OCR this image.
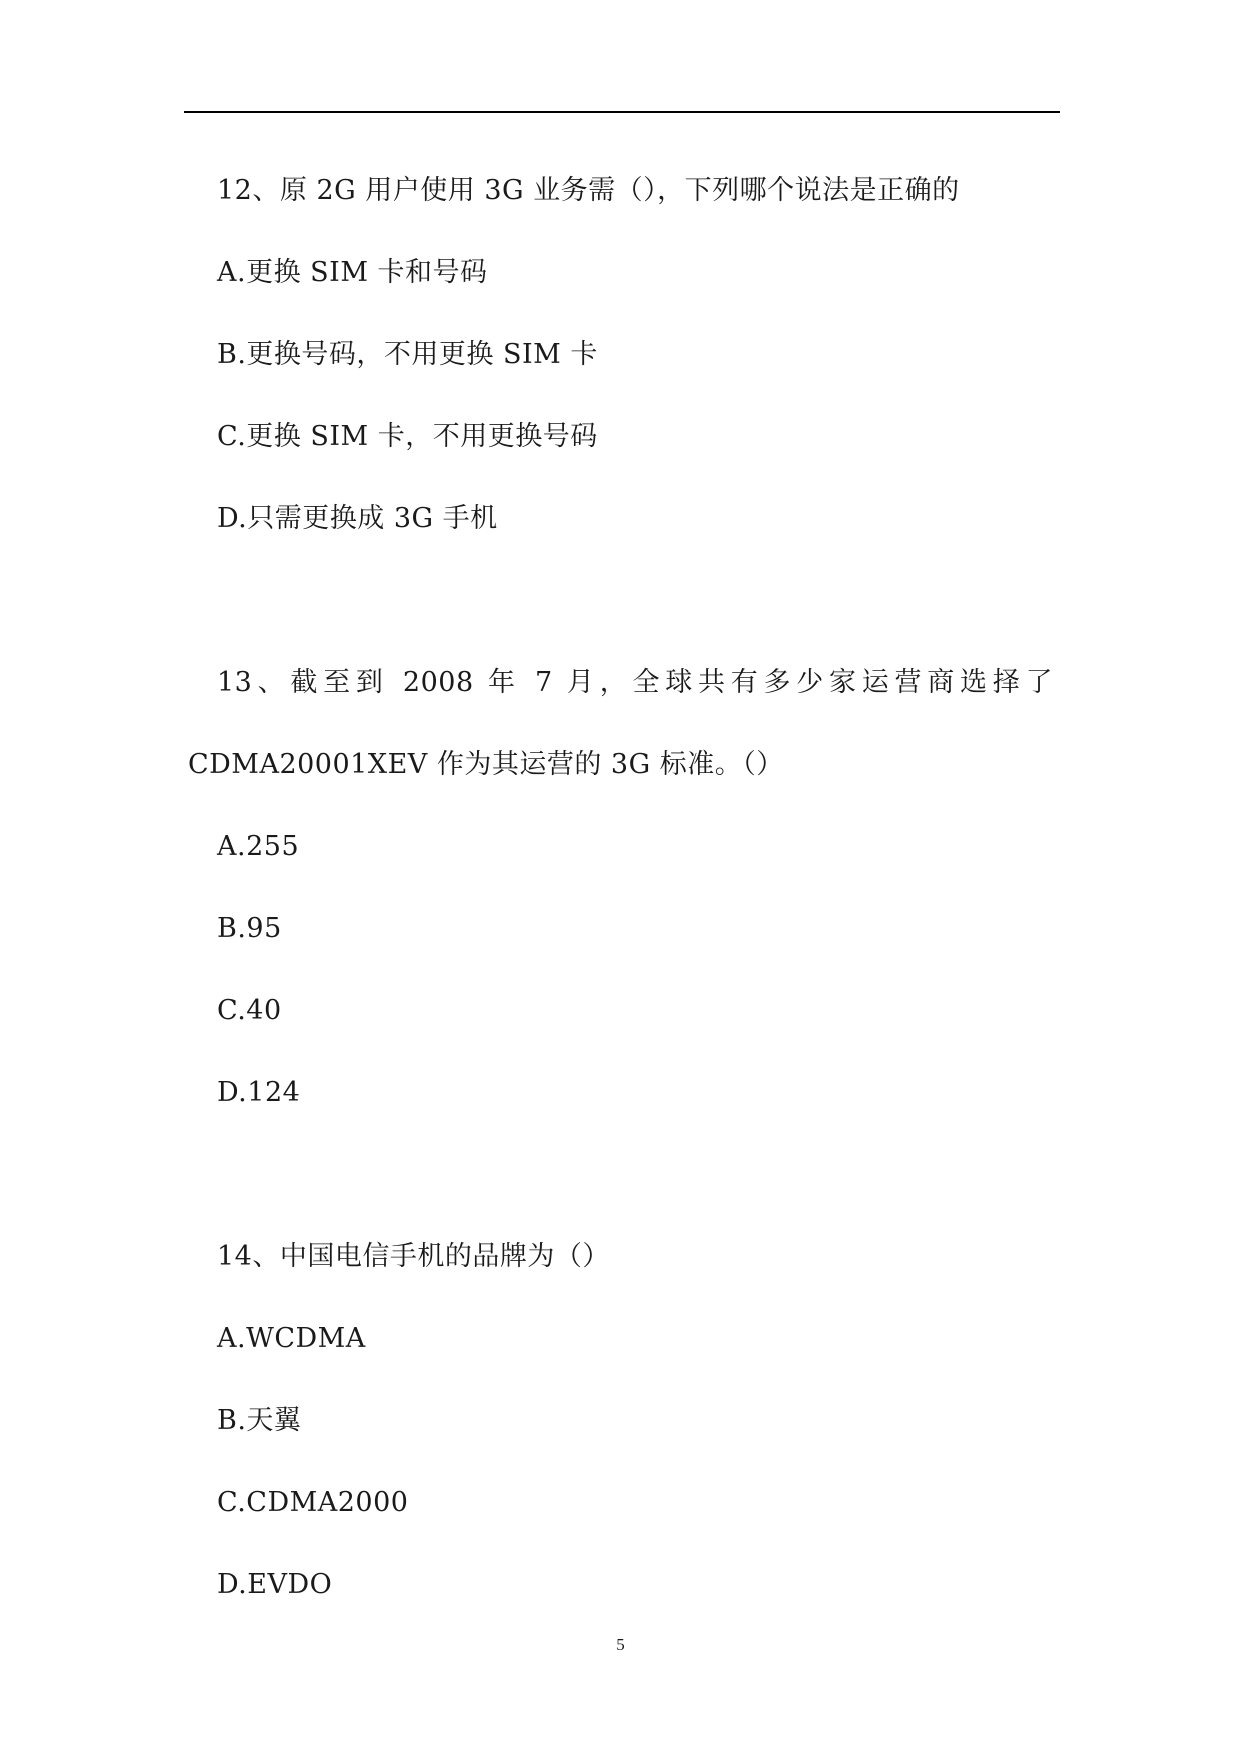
12、原 2G 用户使用 3G 业务需（），下列哪个说法是正确的
A.更换 SIM 卡和号码
B.更换号码，不用更换 SIM 卡
C.更换 SIM 卡，不用更换号码
D.只需更换成 3G 手机
13、截至到 2008 年 7 月，全球共有多少家运营商选择了
CDMA20001XEV 作为其运营的 3G 标准。（）
A.255
B.95
C.40
D.124
14、中国电信手机的品牌为（）
A.WCDMA
B.天翼
C.CDMA2000
D.EVDO
5
